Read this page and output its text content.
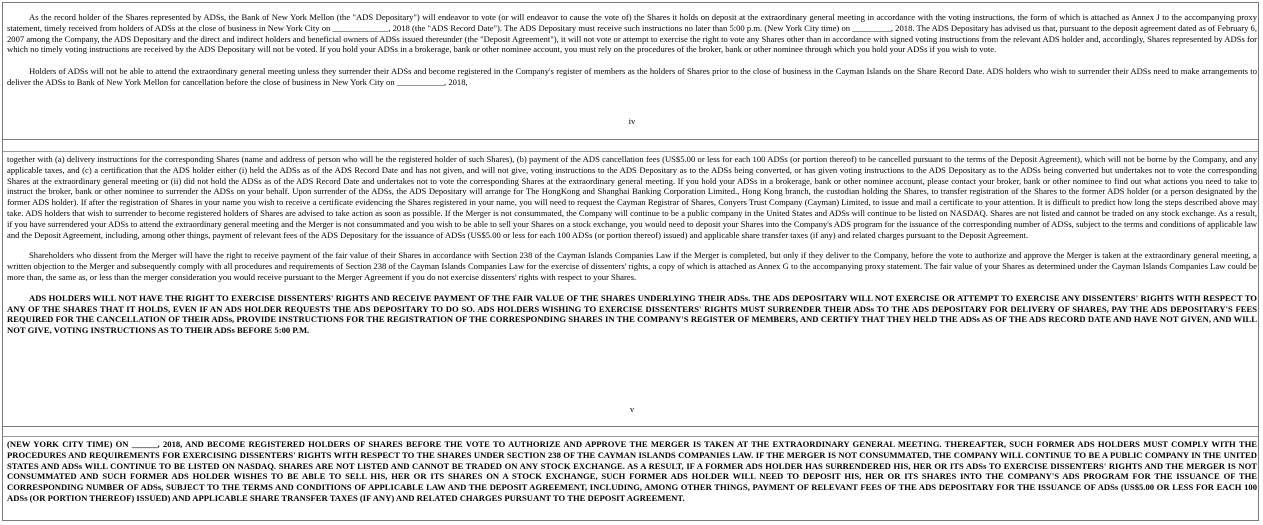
As the record holder of the Shares represented by ADSs, the Bank of New York Mellon (the "ADS Depositary") will endeavor to vote (or will endeavor to cause the vote of) the Shares it holds on deposit at the extraordinary general meeting in accordance with the voting instructions, the form of which is attached as Annex J to the accompanying proxy statement, timely received from holders of ADSs at the close of business in New York City on _____________, 2018 (the "ADS Record Date"). The ADS Depositary must receive such instructions no later than 5:00 p.m. (New York City time) on _________, 2018. The ADS Depositary has advised us that, pursuant to the deposit agreement dated as of February 6, 2007 among the Company, the ADS Depositary and the direct and indirect holders and beneficial owners of ADSs issued thereunder (the "Deposit Agreement"), it will not vote or attempt to exercise the right to vote any Shares other than in accordance with signed voting instructions from the relevant ADS holder and, accordingly, Shares represented by ADSs for which no timely voting instructions are received by the ADS Depositary will not be voted. If you hold your ADSs in a brokerage, bank or other nominee account, you must rely on the procedures of the broker, bank or other nominee through which you hold your ADSs if you wish to vote.

Holders of ADSs will not be able to attend the extraordinary general meeting unless they surrender their ADSs and become registered in the Company's register of members as the holders of Shares prior to the close of business in the Cayman Islands on the Share Record Date. ADS holders who wish to surrender their ADSs need to make arrangements to deliver the ADSs to Bank of New York Mellon for cancellation before the close of business in New York City on ___________, 2018,

iv

together with (a) delivery instructions for the corresponding Shares (name and address of person who will be the registered holder of such Shares), (b) payment of the ADS cancellation fees (US$5.00 or less for each 100 ADSs (or portion thereof) to be cancelled pursuant to the terms of the Deposit Agreement), which will not be borne by the Company, and any applicable taxes, and (c) a certification that the ADS holder either (i) held the ADSs as of the ADS Record Date and has not given, and will not give, voting instructions to the ADS Depositary as to the ADSs being converted, or has given voting instructions to the ADS Depositary as to the ADSs being converted but undertakes not to vote the corresponding Shares at the extraordinary general meeting or (ii) did not hold the ADSs as of the ADS Record Date and undertakes not to vote the corresponding Shares at the extraordinary general meeting. If you hold your ADSs in a brokerage, bank or other nominee account, please contact your broker, bank or other nominee to find out what actions you need to take to instruct the broker, bank or other nominee to surrender the ADSs on your behalf. Upon surrender of the ADSs, the ADS Depositary will arrange for The HongKong and Shanghai Banking Corporation Limited., Hong Kong branch, the custodian holding the Shares, to transfer registration of the Shares to the former ADS holder (or a person designated by the former ADS holder). If after the registration of Shares in your name you wish to receive a certificate evidencing the Shares registered in your name, you will need to request the Cayman Registrar of Shares, Conyers Trust Company (Cayman) Limited, to issue and mail a certificate to your attention. It is difficult to predict how long the steps described above may take. ADS holders that wish to surrender to become registered holders of Shares are advised to take action as soon as possible. If the Merger is not consummated, the Company will continue to be a public company in the United States and ADSs will continue to be listed on NASDAQ. Shares are not listed and cannot be traded on any stock exchange. As a result, if you have surrendered your ADSs to attend the extraordinary general meeting and the Merger is not consummated and you wish to be able to sell your Shares on a stock exchange, you would need to deposit your Shares into the Company's ADS program for the issuance of the corresponding number of ADSs, subject to the terms and conditions of applicable law and the Deposit Agreement, including, among other things, payment of relevant fees of the ADS Depositary for the issuance of ADSs (US$5.00 or less for each 100 ADSs (or portion thereof) issued) and applicable share transfer taxes (if any) and related charges pursuant to the Deposit Agreement.

Shareholders who dissent from the Merger will have the right to receive payment of the fair value of their Shares in accordance with Section 238 of the Cayman Islands Companies Law if the Merger is completed, but only if they deliver to the Company, before the vote to authorize and approve the Merger is taken at the extraordinary general meeting, a written objection to the Merger and subsequently comply with all procedures and requirements of Section 238 of the Cayman Islands Companies Law for the exercise of dissenters' rights, a copy of which is attached as Annex G to the accompanying proxy statement. The fair value of your Shares as determined under the Cayman Islands Companies Law could be more than, the same as, or less than the merger consideration you would receive pursuant to the Merger Agreement if you do not exercise dissenters' rights with respect to your Shares.

ADS HOLDERS WILL NOT HAVE THE RIGHT TO EXERCISE DISSENTERS' RIGHTS AND RECEIVE PAYMENT OF THE FAIR VALUE OF THE SHARES UNDERLYING THEIR ADSs. THE ADS DEPOSITARY WILL NOT EXERCISE OR ATTEMPT TO EXERCISE ANY DISSENTERS' RIGHTS WITH RESPECT TO ANY OF THE SHARES THAT IT HOLDS, EVEN IF AN ADS HOLDER REQUESTS THE ADS DEPOSITARY TO DO SO. ADS HOLDERS WISHING TO EXERCISE DISSENTERS' RIGHTS MUST SURRENDER THEIR ADSs TO THE ADS DEPOSITARY FOR DELIVERY OF SHARES, PAY THE ADS DEPOSITARY'S FEES REQUIRED FOR THE CANCELLATION OF THEIR ADSs, PROVIDE INSTRUCTIONS FOR THE REGISTRATION OF THE CORRESPONDING SHARES IN THE COMPANY'S REGISTER OF MEMBERS, AND CERTIFY THAT THEY HELD THE ADSs AS OF THE ADS RECORD DATE AND HAVE NOT GIVEN, AND WILL NOT GIVE, VOTING INSTRUCTIONS AS TO THEIR ADSs BEFORE 5:00 P.M.

v

(NEW YORK CITY TIME) ON ______, 2018, AND BECOME REGISTERED HOLDERS OF SHARES BEFORE THE VOTE TO AUTHORIZE AND APPROVE THE MERGER IS TAKEN AT THE EXTRAORDINARY GENERAL MEETING. THEREAFTER, SUCH FORMER ADS HOLDERS MUST COMPLY WITH THE PROCEDURES AND REQUIREMENTS FOR EXERCISING DISSENTERS' RIGHTS WITH RESPECT TO THE SHARES UNDER SECTION 238 OF THE CAYMAN ISLANDS COMPANIES LAW. IF THE MERGER IS NOT CONSUMMATED, THE COMPANY WILL CONTINUE TO BE A PUBLIC COMPANY IN THE UNITED STATES AND ADSs WILL CONTINUE TO BE LISTED ON NASDAQ. SHARES ARE NOT LISTED AND CANNOT BE TRADED ON ANY STOCK EXCHANGE. AS A RESULT, IF A FORMER ADS HOLDER HAS SURRENDERED HIS, HER OR ITS ADSs TO EXERCISE DISSENTERS' RIGHTS AND THE MERGER IS NOT CONSUMMATED AND SUCH FORMER ADS HOLDER WISHES TO BE ABLE TO SELL HIS, HER OR ITS SHARES ON A STOCK EXCHANGE, SUCH FORMER ADS HOLDER WILL NEED TO DEPOSIT HIS, HER OR ITS SHARES INTO THE COMPANY'S ADS PROGRAM FOR THE ISSUANCE OF THE CORRESPONDING NUMBER OF ADSs, SUBJECT TO THE TERMS AND CONDITIONS OF APPLICABLE LAW AND THE DEPOSIT AGREEMENT, INCLUDING, AMONG OTHER THINGS, PAYMENT OF RELEVANT FEES OF THE ADS DEPOSITARY FOR THE ISSUANCE OF ADSs (US$5.00 OR LESS FOR EACH 100 ADSs (OR PORTION THEREOF) ISSUED) AND APPLICABLE SHARE TRANSFER TAXES (IF ANY) AND RELATED CHARGES PURSUANT TO THE DEPOSIT AGREEMENT.
